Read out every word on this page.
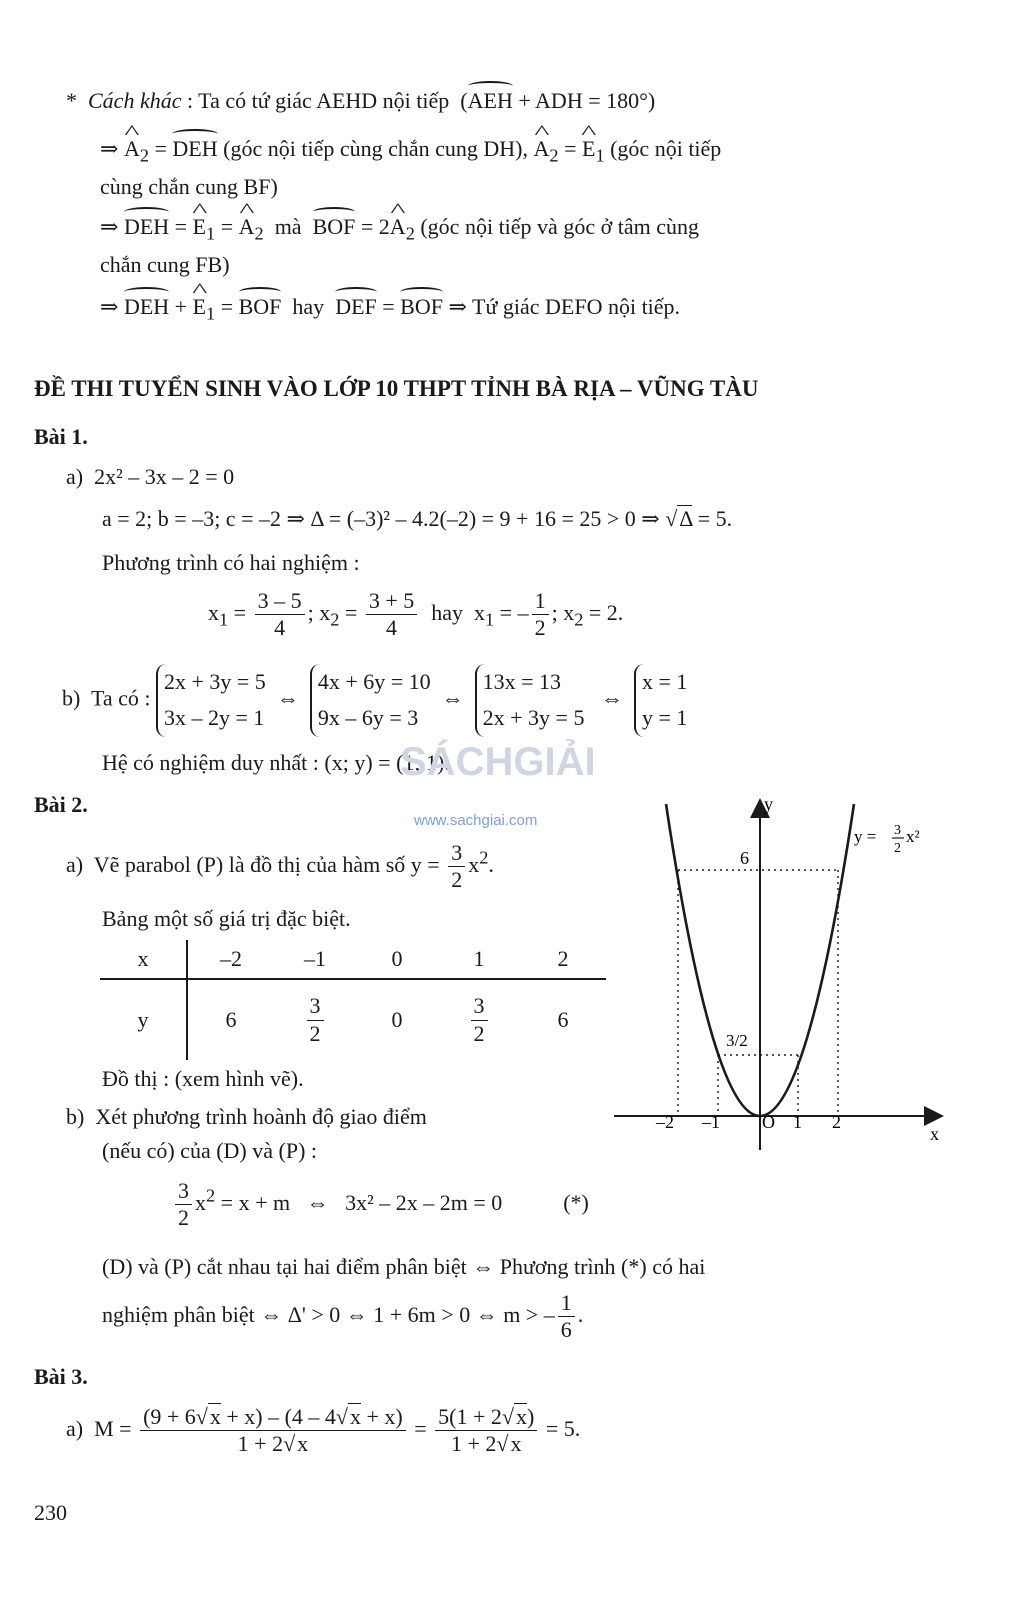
*  Cách khác : Ta có tứ giác AEHD nội tiếp  (AEH + ADH = 180°)
⇒ ^ $A_2$ = DEH (góc nội tiếp cùng chắn cung DH), ^ $A_2$ = ^ $E_1$ (góc nội tiếp
cùng chắn cung BF)
⇒ DEH = ^ $E_1$ = ^ $A_2$  mà  BOF = 2^ $A_2$ (góc nội tiếp và góc ở tâm cùng
chắn cung FB)
⇒ DEH + ^ $E_1$ = BOF  hay  DEF = BOF ⇒ Tứ giác DEFO nội tiếp.
ĐỀ THI TUYỂN SINH VÀO LỚP 10 THPT TỈNH BÀ RỊA – VŨNG TÀU
Bài 1.
a) 2x² – 3x – 2 = 0
a = 2; b = –3; c = –2 ⇒ Δ = (–3)² – 4.2(–2) = 9 + 16 = 25 > 0 ⇒ √Δ = 5.
Phương trình có hai nghiệm :
$x_1 = \frac{3 - 5}{4}$ ; $x_2 = \frac{3 + 5}{4}$ hay  $x_1$ = – $\frac{1}{2}$ ; $x_2 = 2$.
b) Ta có : 2x + 3y = 5
3x – 2y = 1  ⇔  4x + 6y = 10
9x – 6y = 3  ⇔  13x = 13
2x + 3y = 5   ⇔  x = 1
y = 1
Hệ có nghiệm duy nhất : (x; y) = (1; 1).
SÁCHGIẢI
www.sachgiai.com
Bài 2.
a) Vẽ parabol (P) là đồ thị của hàm số $y = \frac{3}{2} x^2$.
Bảng một số giá trị đặc biệt.
x	–2	–1	0	1	2
y	6	$\frac{3}{2}$	0	$\frac{3}{2}$	6
Đồ thị : (xem hình vẽ).
b) Xét phương trình hoành độ giao điểm
(nếu có) của (D) và (P) :
$\frac{3}{2} x^2 = x + m$   ⇔   3x² – 2x – 2m = 0	(*)
(D) và (P) cắt nhau tại hai điểm phân biệt ⇔ Phương trình (*) có hai
nghiệm phân biệt ⇔ Δ' > 0 ⇔ 1 + 6m > 0 ⇔ m > – $\frac{1}{6}$ .
y
x
6
3/2
–2 –1 O 1 2
y = 3
2
x²
Bài 3.
a)  $M = \frac{(9 + 6√x + x) - (4 - 4√x + x)}{1 + 2√x} = \frac{5(1 + 2√x)}{1 + 2√x} = 5$.
230
